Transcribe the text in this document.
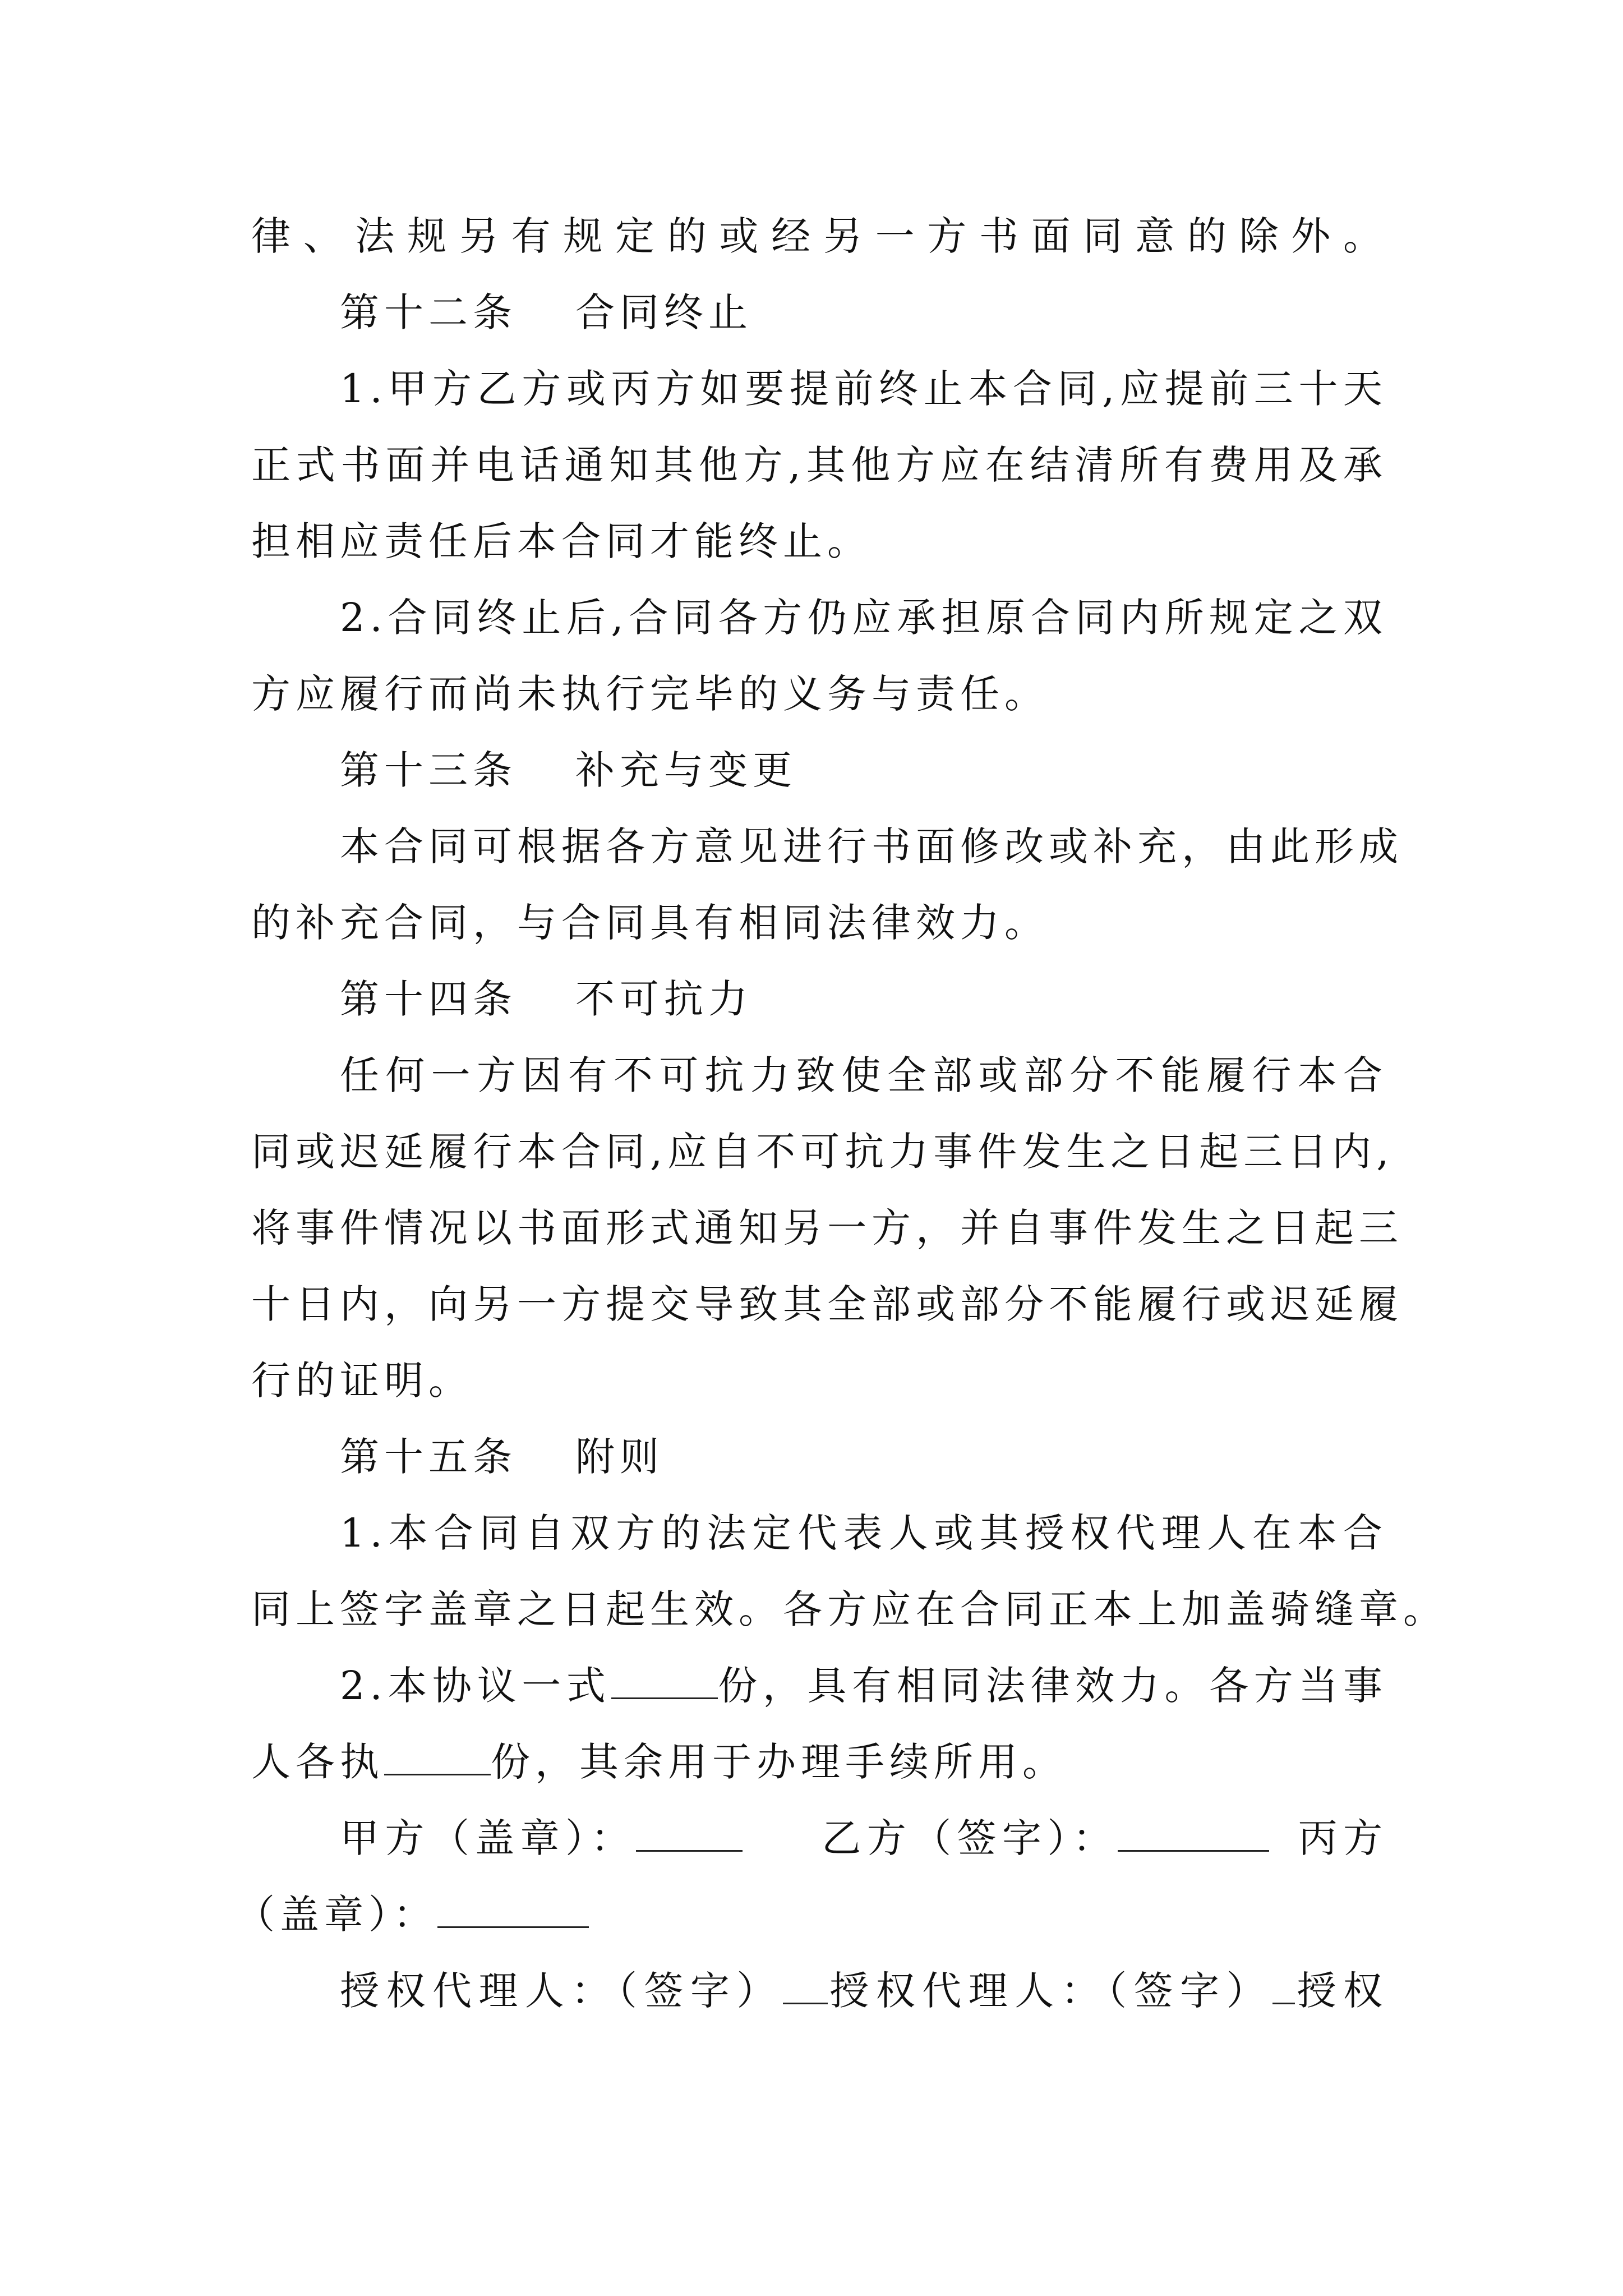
律、法规另有规定的或经另一方书面同意的除外。
第十二条 合同终止
1.甲方乙方或丙方如要提前终止本合同,应提前三十天
正式书面并电话通知其他方,其他方应在结清所有费用及承
担相应责任后本合同才能终止。
2.合同终止后,合同各方仍应承担原合同内所规定之双
方应履行而尚未执行完毕的义务与责任。
第十三条 补充与变更
本合同可根据各方意见进行书面修改或补充，由此形成
的补充合同，与合同具有相同法律效力。
第十四条 不可抗力
任何一方因有不可抗力致使全部或部分不能履行本合
同或迟延履行本合同,应自不可抗力事件发生之日起三日内,
将事件情况以书面形式通知另一方，并自事件发生之日起三
十日内，向另一方提交导致其全部或部分不能履行或迟延履
行的证明。
第十五条 附则
1.本合同自双方的法定代表人或其授权代理人在本合
同上签字盖章之日起生效。各方应在合同正本上加盖骑缝章。
2.本协议一式	份，具有相同法律效力。各方当事
人各执	份，其余用于办理手续所用。
甲方（盖章）：	乙方（签字）：	丙方
（盖章）：
授权代理人：（签字） 授权代理人：（签字） 授权
